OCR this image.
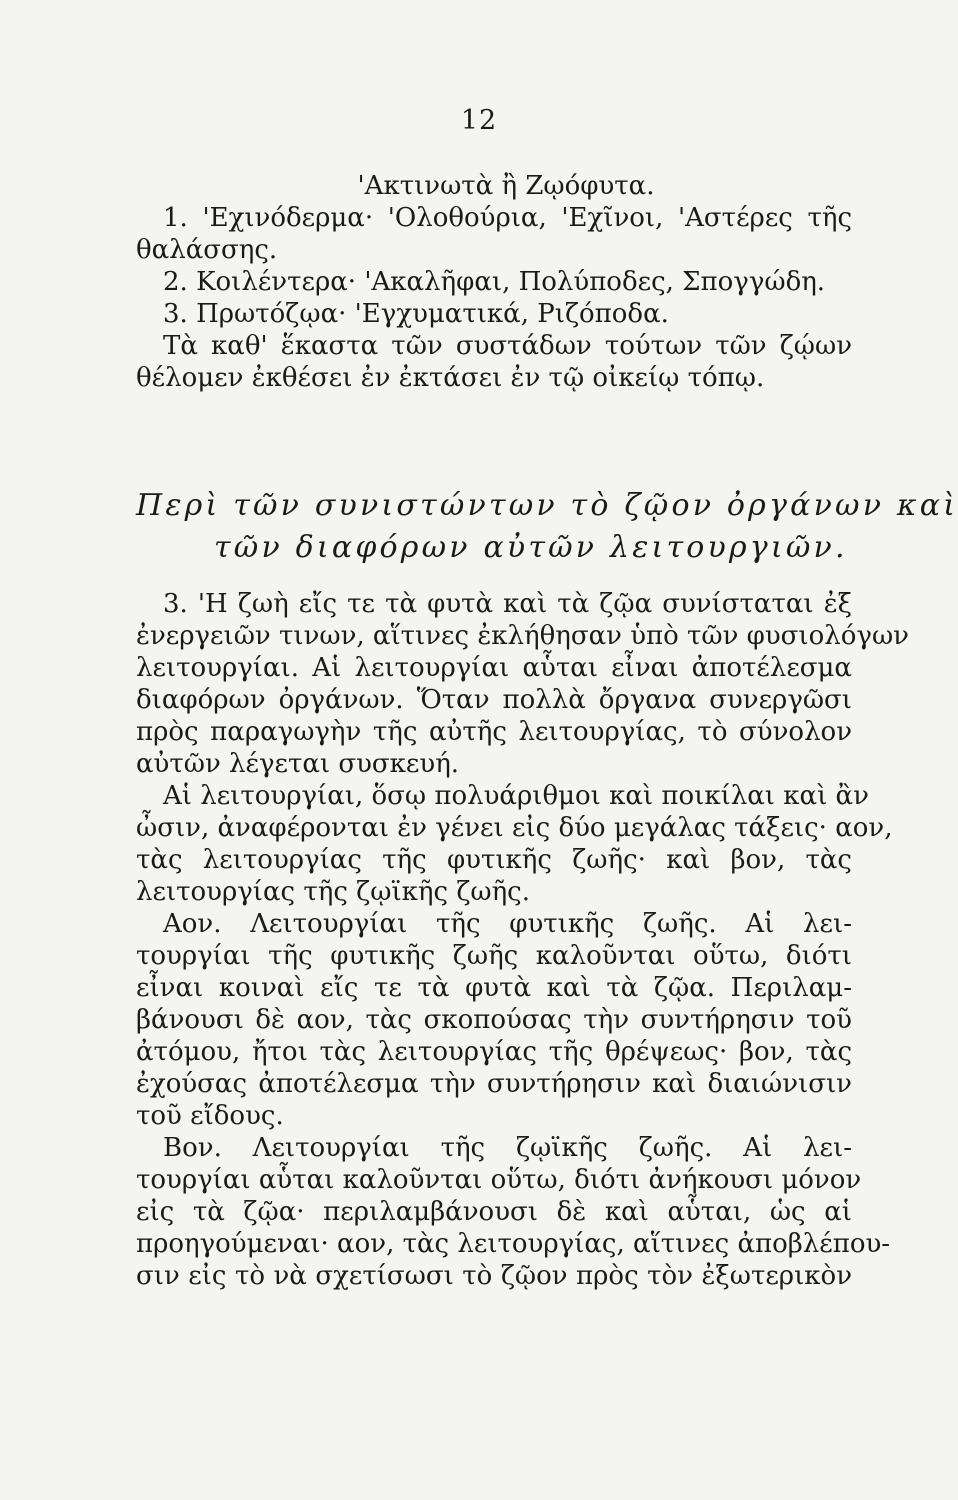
12
'Ακτινωτὰ ἢ Ζῳόφυτα.
1. 'Εχινόδερμα· 'Ολοθούρια, 'Εχῖνοι, 'Αστέρες τῆς
θαλάσσης.
2. Κοιλέντερα· 'Ακαλῆφαι, Πολύποδες, Σπογγώδη.
3. Πρωτόζῳα· 'Εγχυματικά, Ριζόποδα.
Τὰ καθ' ἕκαστα τῶν συστάδων τούτων τῶν ζῴων
θέλομεν ἐκθέσει ἐν ἐκτάσει ἐν τῷ οἰκείῳ τόπῳ.
Περὶ τῶν συνιστώντων τὸ ζῷον ὀργάνων καὶ
τῶν διαφόρων αὐτῶν λειτουργιῶν.
3. 'Η ζωὴ εἴς τε τὰ φυτὰ καὶ τὰ ζῷα συνίσταται ἐξ
ἐνεργειῶν τινων, αἵτινες ἐκλήθησαν ὑπὸ τῶν φυσιολόγων
λειτουργίαι. Αἱ λειτουργίαι αὗται εἶναι ἀποτέλεσμα
διαφόρων ὀργάνων. Ὅταν πολλὰ ὄργανα συνεργῶσι
πρὸς παραγωγὴν τῆς αὐτῆς λειτουργίας, τὸ σύνολον
αὐτῶν λέγεται συσκευή.
Αἱ λειτουργίαι, ὅσῳ πολυάριθμοι καὶ ποικίλαι καὶ ἂν
ὦσιν, ἀναφέρονται ἐν γένει εἰς δύο μεγάλας τάξεις· αον,
τὰς λειτουργίας τῆς φυτικῆς ζωῆς· καὶ βον, τὰς
λειτουργίας τῆς ζῳϊκῆς ζωῆς.
Αον. Λειτουργίαι τῆς φυτικῆς ζωῆς. Αἱ λει-
τουργίαι τῆς φυτικῆς ζωῆς καλοῦνται οὕτω, διότι
εἶναι κοιναὶ εἴς τε τὰ φυτὰ καὶ τὰ ζῷα. Περιλαμ-
βάνουσι δὲ αον, τὰς σκοπούσας τὴν συντήρησιν τοῦ
ἀτόμου, ἤτοι τὰς λειτουργίας τῆς θρέψεως· βον, τὰς
ἐχούσας ἀποτέλεσμα τὴν συντήρησιν καὶ διαιώνισιν
τοῦ εἴδους.
Βον. Λειτουργίαι τῆς ζῳϊκῆς ζωῆς. Αἱ λει-
τουργίαι αὗται καλοῦνται οὕτω, διότι ἀνήκουσι μόνον
εἰς τὰ ζῷα· περιλαμβάνουσι δὲ καὶ αὗται, ὡς αἱ
προηγούμεναι· αον, τὰς λειτουργίας, αἵτινες ἀποβλέπου-
σιν εἰς τὸ νὰ σχετίσωσι τὸ ζῷον πρὸς τὸν ἐξωτερικὸν
